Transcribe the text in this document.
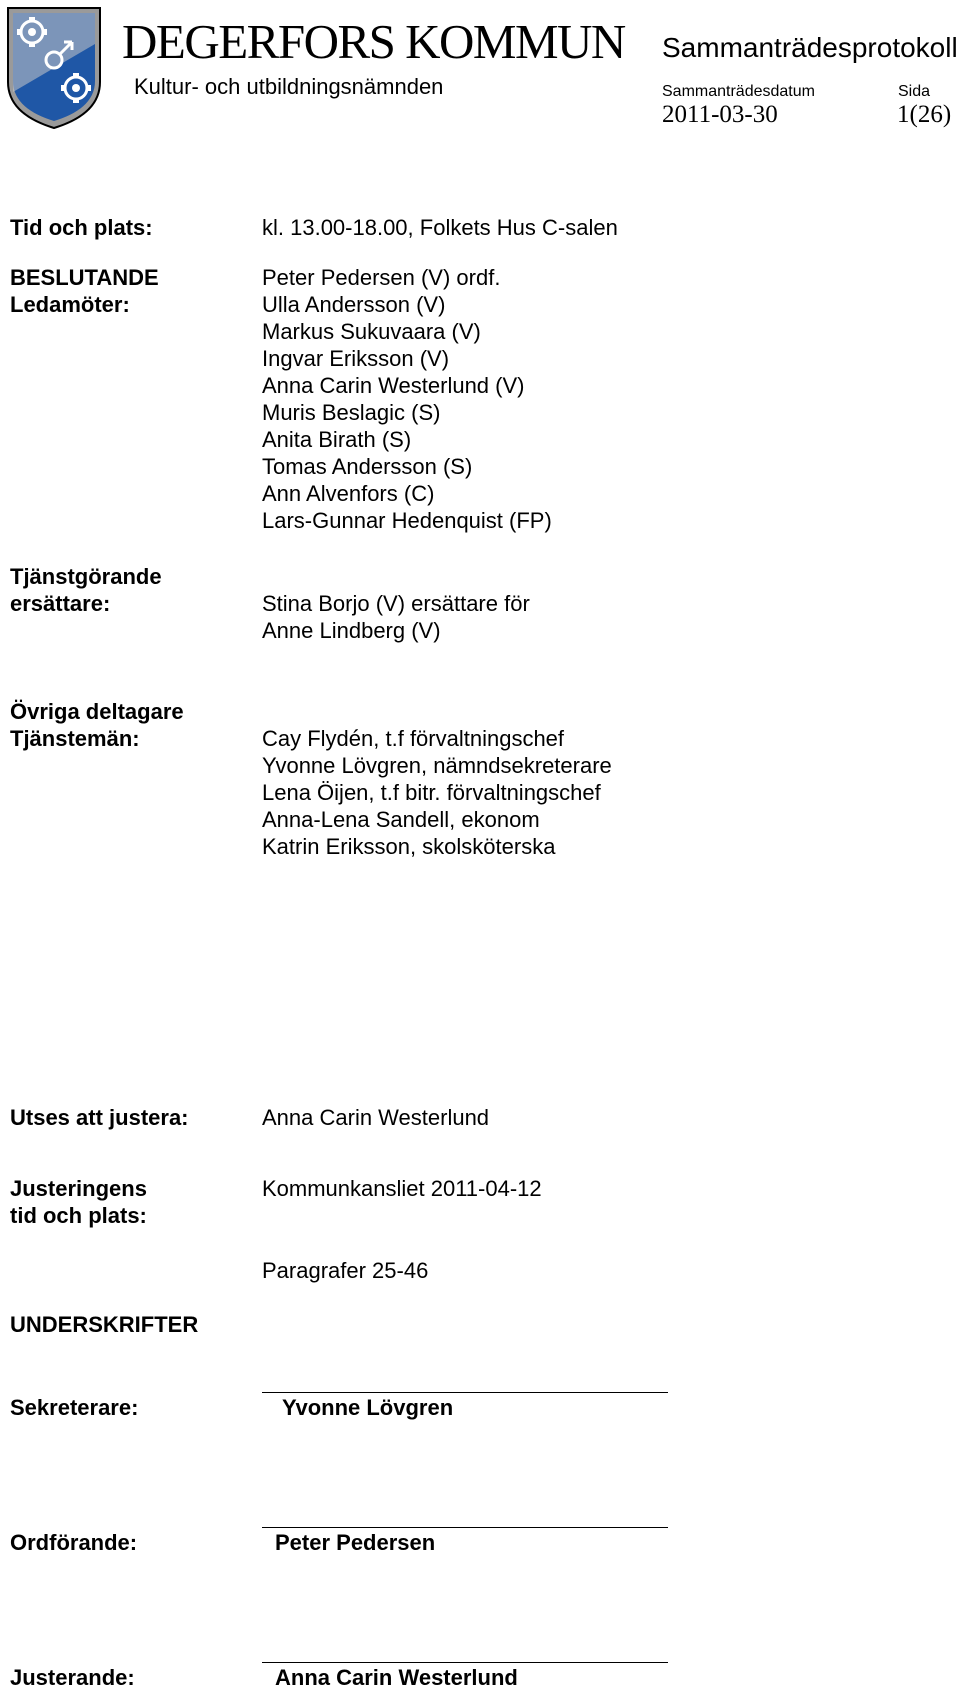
DEGERFORS KOMMUN
Kultur- och utbildningsnämnden
Sammanträdesprotokoll
Sammanträdesdatum
2011-03-30
Sida
1(26)
Tid och plats:	kl. 13.00-18.00, Folkets Hus C-salen
BESLUTANDE
Ledamöter:
Peter Pedersen (V) ordf.
Ulla Andersson (V)
Markus Sukuvaara (V)
Ingvar Eriksson (V)
Anna Carin Westerlund (V)
Muris Beslagic (S)
Anita Birath (S)
Tomas Andersson (S)
Ann Alvenfors (C)
Lars-Gunnar Hedenquist (FP)
Tjänstgörande
ersättare:	Stina Borjo (V) ersättare för
Anne Lindberg (V)
Övriga deltagare
Tjänstemän:	Cay Flydén, t.f förvaltningschef
Yvonne Lövgren, nämndsekreterare
Lena Öijen, t.f bitr. förvaltningschef
Anna-Lena Sandell, ekonom
Katrin Eriksson, skolsköterska
Utses att justera:	Anna Carin Westerlund
Justeringens
tid och plats:
Kommunkansliet 2011-04-12
Paragrafer 25-46
UNDERSKRIFTER
Sekreterare:	Yvonne Lövgren
Ordförande:	Peter Pedersen
Justerande:	Anna Carin Westerlund
